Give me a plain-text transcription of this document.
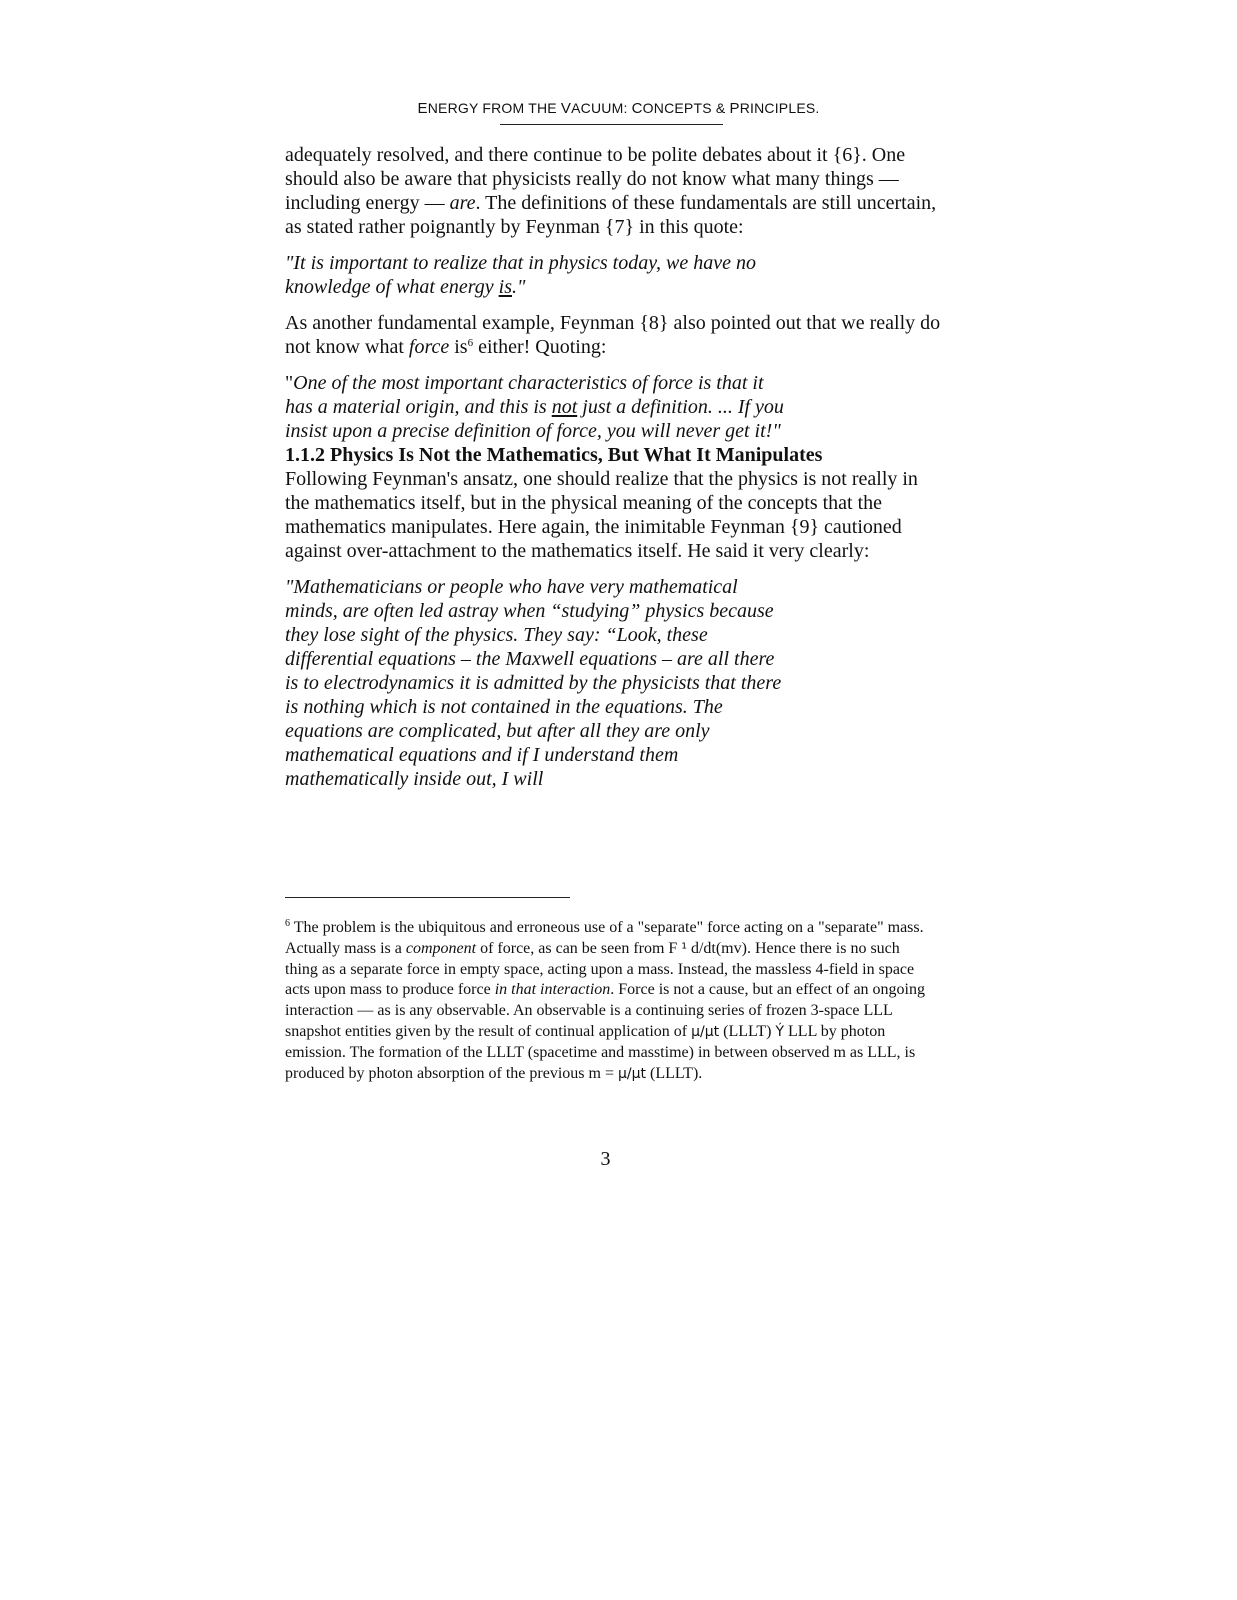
ENERGY FROM THE VACUUM: CONCEPTS & PRINCIPLES.

adequately resolved, and there continue to be polite debates about it {6}. One should also be aware that physicists really do not know what many things — including energy — are. The definitions of these fundamentals are still uncertain, as stated rather poignantly by Feynman {7} in this quote:

"It is important to realize that in physics today, we have no knowledge of what energy is."

As another fundamental example, Feynman {8} also pointed out that we really do not know what force $is^6$ either! Quoting:

"One of the most important characteristics of force is that it has a material origin, and this is not just a definition. ... If you insist upon a precise definition of force, you will never get it!"

1.1.2 Physics Is Not the Mathematics, But What It Manipulates

Following Feynman's ansatz, one should realize that the physics is not really in the mathematics itself, but in the physical meaning of the concepts that the mathematics manipulates. Here again, the inimitable Feynman {9} cautioned against over-attachment to the mathematics itself. He said it very clearly:

"Mathematicians or people who have very mathematical minds, are often led astray when “studying” physics because they lose sight of the physics. They say: “Look, these differential equations – the Maxwell equations – are all there is to electrodynamics it is admitted by the physicists that there is nothing which is not contained in the equations. The equations are complicated, but after all they are only mathematical equations and if I understand them mathematically inside out, I will

$^6$ The problem is the ubiquitous and erroneous use of a "separate" force acting on a "separate" mass. Actually mass is a component of force, as can be seen from F ¹ d/dt(mv). Hence there is no such thing as a separate force in empty space, acting upon a mass. Instead, the massless 4-field in space acts upon mass to produce force in that interaction. Force is not a cause, but an effect of an ongoing interaction — as is any observable. An observable is a continuing series of frozen 3-space LLL snapshot entities given by the result of continual application of µ/µt (LLLT) Ý LLL by photon emission. The formation of the LLLT (spacetime and masstime) in between observed m as LLL, is produced by photon absorption of the previous m = µ/µt (LLLT).

3
